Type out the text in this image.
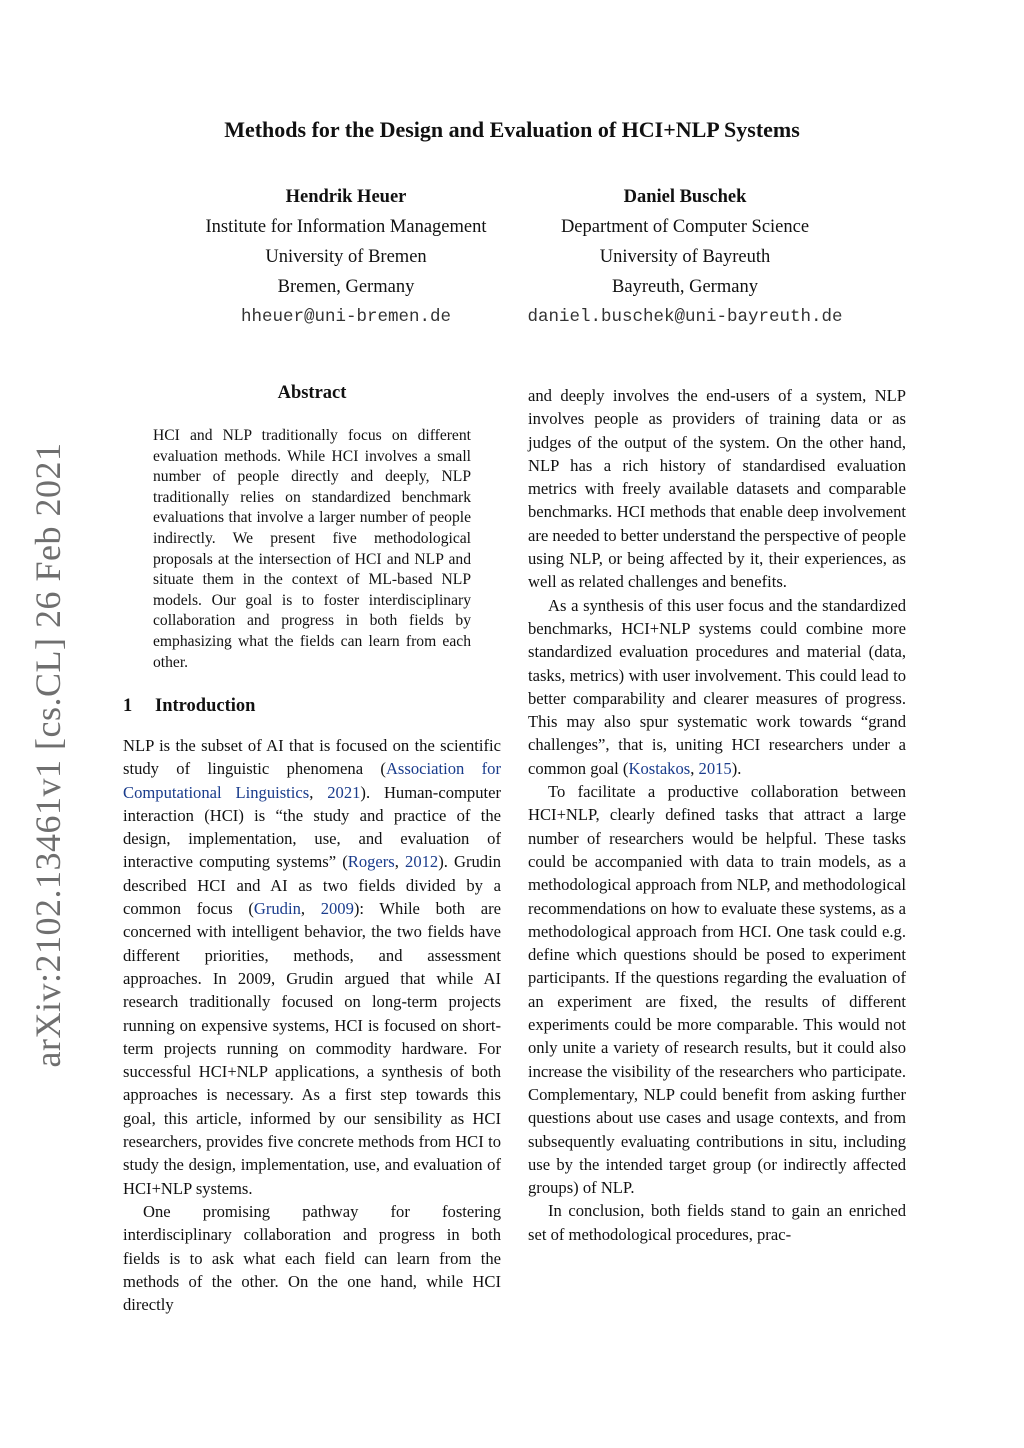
arXiv:2102.13461v1 [cs.CL] 26 Feb 2021
Methods for the Design and Evaluation of HCI+NLP Systems
Hendrik Heuer
Institute for Information Management
University of Bremen
Bremen, Germany
hheuer@uni-bremen.de
Daniel Buschek
Department of Computer Science
University of Bayreuth
Bayreuth, Germany
daniel.buschek@uni-bayreuth.de
Abstract

HCI and NLP traditionally focus on different evaluation methods. While HCI involves a small number of people directly and deeply, NLP traditionally relies on standardized benchmark evaluations that involve a larger number of people indirectly. We present five methodological proposals at the intersection of HCI and NLP and situate them in the context of ML-based NLP models. Our goal is to foster interdisciplinary collaboration and progress in both fields by emphasizing what the fields can learn from each other.

1 Introduction

NLP is the subset of AI that is focused on the scientific study of linguistic phenomena (Association for Computational Linguistics, 2021). Human-computer interaction (HCI) is “the study and practice of the design, implementation, use, and evaluation of interactive computing systems” (Rogers, 2012). Grudin described HCI and AI as two fields divided by a common focus (Grudin, 2009): While both are concerned with intelligent behavior, the two fields have different priorities, methods, and assessment approaches. In 2009, Grudin argued that while AI research traditionally focused on long-term projects running on expensive systems, HCI is focused on short-term projects running on commodity hardware. For successful HCI+NLP applications, a synthesis of both approaches is necessary. As a first step towards this goal, this article, informed by our sensibility as HCI researchers, provides five concrete methods from HCI to study the design, implementation, use, and evaluation of HCI+NLP systems.

One promising pathway for fostering interdisciplinary collaboration and progress in both fields is to ask what each field can learn from the methods of the other. On the one hand, while HCI directly

and deeply involves the end-users of a system, NLP involves people as providers of training data or as judges of the output of the system. On the other hand, NLP has a rich history of standardised evaluation metrics with freely available datasets and comparable benchmarks. HCI methods that enable deep involvement are needed to better understand the perspective of people using NLP, or being affected by it, their experiences, as well as related challenges and benefits.

As a synthesis of this user focus and the standardized benchmarks, HCI+NLP systems could combine more standardized evaluation procedures and material (data, tasks, metrics) with user involvement. This could lead to better comparability and clearer measures of progress. This may also spur systematic work towards “grand challenges”, that is, uniting HCI researchers under a common goal (Kostakos, 2015).

To facilitate a productive collaboration between HCI+NLP, clearly defined tasks that attract a large number of researchers would be helpful. These tasks could be accompanied with data to train models, as a methodological approach from NLP, and methodological recommendations on how to evaluate these systems, as a methodological approach from HCI. One task could e.g. define which questions should be posed to experiment participants. If the questions regarding the evaluation of an experiment are fixed, the results of different experiments could be more comparable. This would not only unite a variety of research results, but it could also increase the visibility of the researchers who participate. Complementary, NLP could benefit from asking further questions about use cases and usage contexts, and from subsequently evaluating contributions in situ, including use by the intended target group (or indirectly affected groups) of NLP.

In conclusion, both fields stand to gain an enriched set of methodological procedures, prac-
